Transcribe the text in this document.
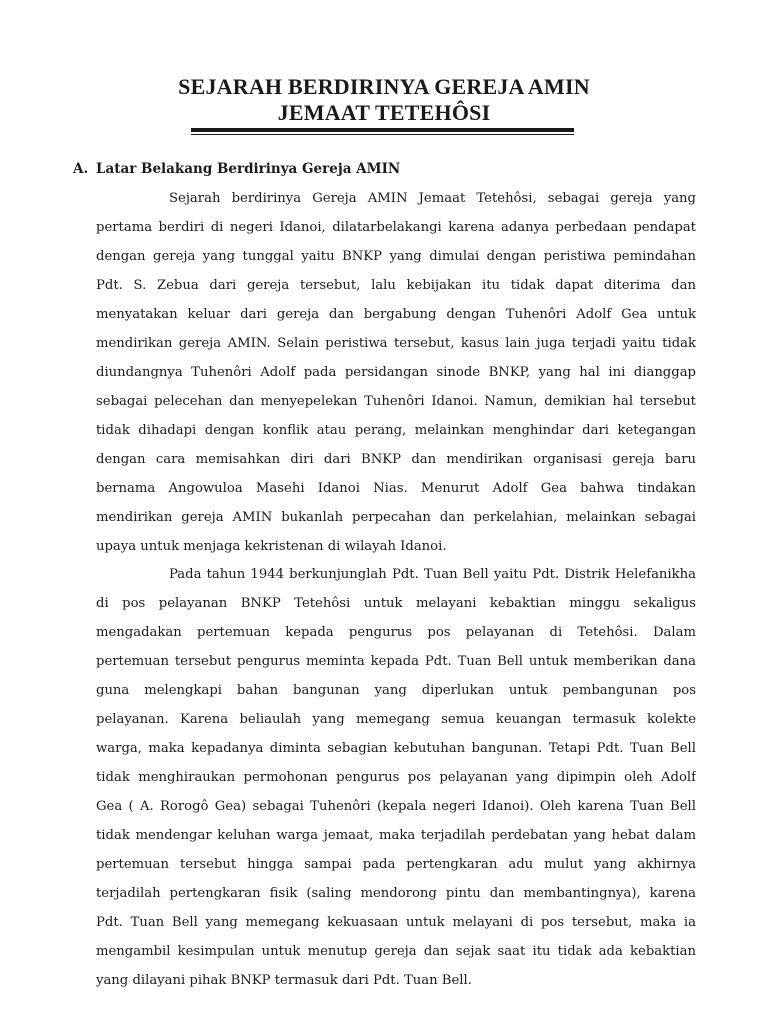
SEJARAH BERDIRINYA GEREJA AMIN
JEMAAT TETEHÔSI
A. Latar Belakang Berdirinya Gereja AMIN
Sejarah berdirinya Gereja AMIN Jemaat Tetehôsi, sebagai gereja yang
pertama berdiri di negeri Idanoi, dilatarbelakangi karena adanya perbedaan pendapat
dengan gereja yang tunggal yaitu BNKP yang dimulai dengan peristiwa pemindahan
Pdt. S. Zebua dari gereja tersebut, lalu kebijakan itu tidak dapat diterima dan
menyatakan keluar dari gereja dan bergabung dengan Tuhenôri Adolf Gea untuk
mendirikan gereja AMIN. Selain peristiwa tersebut, kasus lain juga terjadi yaitu tidak
diundangnya Tuhenôri Adolf pada persidangan sinode BNKP, yang hal ini dianggap
sebagai pelecehan dan menyepelekan Tuhenôri Idanoi. Namun, demikian hal tersebut
tidak dihadapi dengan konflik atau perang, melainkan menghindar dari ketegangan
dengan cara memisahkan diri dari BNKP dan mendirikan organisasi gereja baru
bernama Angowuloa Masehi Idanoi Nias. Menurut Adolf Gea bahwa tindakan
mendirikan gereja AMIN bukanlah perpecahan dan perkelahian, melainkan sebagai
upaya untuk menjaga kekristenan di wilayah Idanoi.
Pada tahun 1944 berkunjunglah Pdt. Tuan Bell yaitu Pdt. Distrik Helefanikha
di pos pelayanan BNKP Tetehôsi untuk melayani kebaktian minggu sekaligus
mengadakan pertemuan kepada pengurus pos pelayanan di Tetehôsi. Dalam
pertemuan tersebut pengurus meminta kepada Pdt. Tuan Bell untuk memberikan dana
guna melengkapi bahan bangunan yang diperlukan untuk pembangunan pos
pelayanan. Karena beliaulah yang memegang semua keuangan termasuk kolekte
warga, maka kepadanya diminta sebagian kebutuhan bangunan. Tetapi Pdt. Tuan Bell
tidak menghiraukan permohonan pengurus pos pelayanan yang dipimpin oleh Adolf
Gea ( A. Rorogô Gea) sebagai Tuhenôri (kepala negeri Idanoi). Oleh karena Tuan Bell
tidak mendengar keluhan warga jemaat, maka terjadilah perdebatan yang hebat dalam
pertemuan tersebut hingga sampai pada pertengkaran adu mulut yang akhirnya
terjadilah pertengkaran fisik (saling mendorong pintu dan membantingnya), karena
Pdt. Tuan Bell yang memegang kekuasaan untuk melayani di pos tersebut, maka ia
mengambil kesimpulan untuk menutup gereja dan sejak saat itu tidak ada kebaktian
yang dilayani pihak BNKP termasuk dari Pdt. Tuan Bell.
